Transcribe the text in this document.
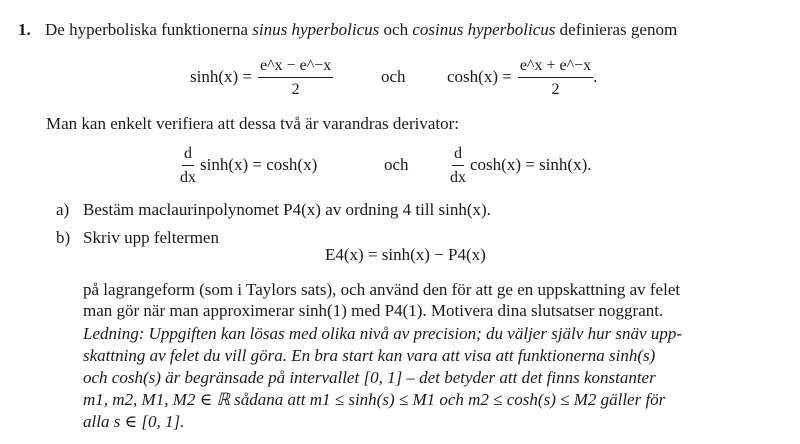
1. De hyperboliska funktionerna sinus hyperbolicus och cosinus hyperbolicus definieras genom
$\sinh(x) = \frac{e\^{}x - e\^{}-x}{2}$	och $\cosh(x) = \frac{e\^{}x + e\^{}-x}{2}$ .
Man kan enkelt verifiera att dessa två är varandras derivator:
$\frac{d}{dx} \sinh(x) = \cosh(x)$	och	$\frac{d}{dx} \cosh(x) = \sinh(x)$.
a) Bestäm maclaurinpolynomet P4(x) av ordning 4 till sinh(x).
b) Skriv upp feltermen
E4(x) = sinh(x) − P4(x)
på lagrangeform (som i Taylors sats), och använd den för att ge en uppskattning av felet
man gör när man approximerar sinh(1) med P4(1). Motivera dina slutsatser noggrant.
Ledning: Uppgiften kan lösas med olika nivå av precision; du väljer själv hur snäv upp-
skattning av felet du vill göra. En bra start kan vara att visa att funktionerna sinh(s)
och cosh(s) är begränsade på intervallet [0, 1] – det betyder att det finns konstanter
m1, m2, M1, M2 ∈ ℝ sådana att m1 ≤ sinh(s) ≤ M1 och m2 ≤ cosh(s) ≤ M2 gäller för
alla s ∈ [0, 1].
